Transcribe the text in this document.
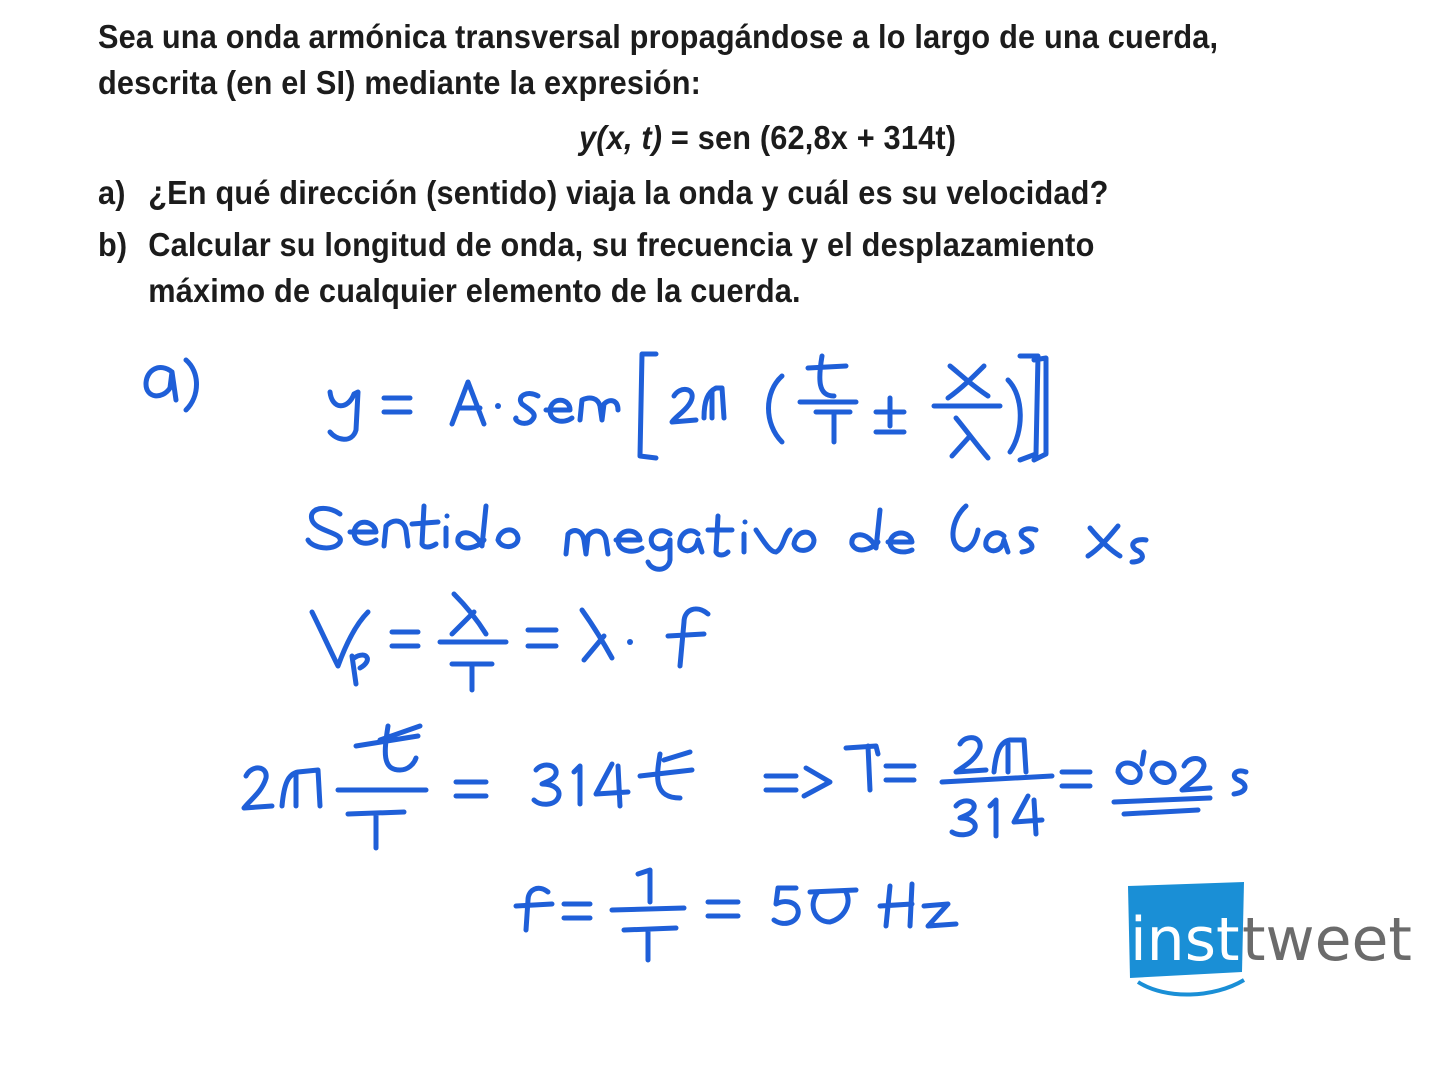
Sea una onda armónica transversal propagándose a lo largo de una cuerda,
descrita (en el SI) mediante la expresión:
y(x, t) = sen (62,8x + 314t)
a) ¿En qué dirección (sentido) viaja la onda y cuál es su velocidad?
b) Calcular su longitud de onda, su frecuencia y el desplazamiento
máximo de cualquier elemento de la cuerda.
insti
tweet
